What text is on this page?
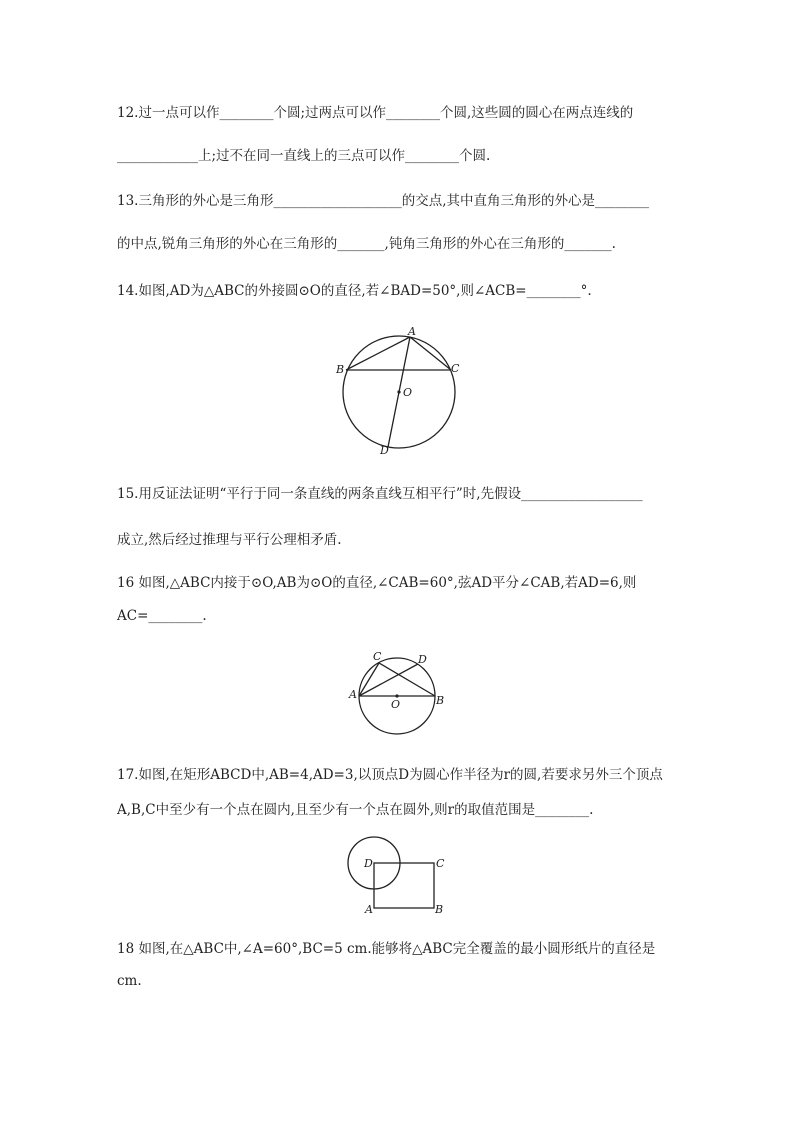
12.过一点可以作________个圆;过两点可以作________个圆,这些圆的圆心在两点连线的
____________上;过不在同一直线上的三点可以作________个圆.
13.三角形的外心是三角形___________________的交点,其中直角三角形的外心是________
的中点,锐角三角形的外心在三角形的_______,钝角三角形的外心在三角形的_______.
14.如图,AD为△ABC的外接圆⊙O的直径,若∠BAD=50°,则∠ACB=________°.
A
B	C
O
D
15.用反证法证明“平行于同一条直线的两条直线互相平行”时,先假设__________________
成立,然后经过推理与平行公理相矛盾.
16 如图,△ABC内接于⊙O,AB为⊙O的直径,∠CAB=60°,弦AD平分∠CAB,若AD=6,则
AC=________.
C	D
A	B
O
17.如图,在矩形ABCD中,AB=4,AD=3,以顶点D为圆心作半径为r的圆,若要求另外三个顶点
A,B,C中至少有一个点在圆内,且至少有一个点在圆外,则r的取值范围是________.
D	C
A	B
18 如图,在△ABC中,∠A=60°,BC=5 cm.能够将△ABC完全覆盖的最小圆形纸片的直径是
cm.
